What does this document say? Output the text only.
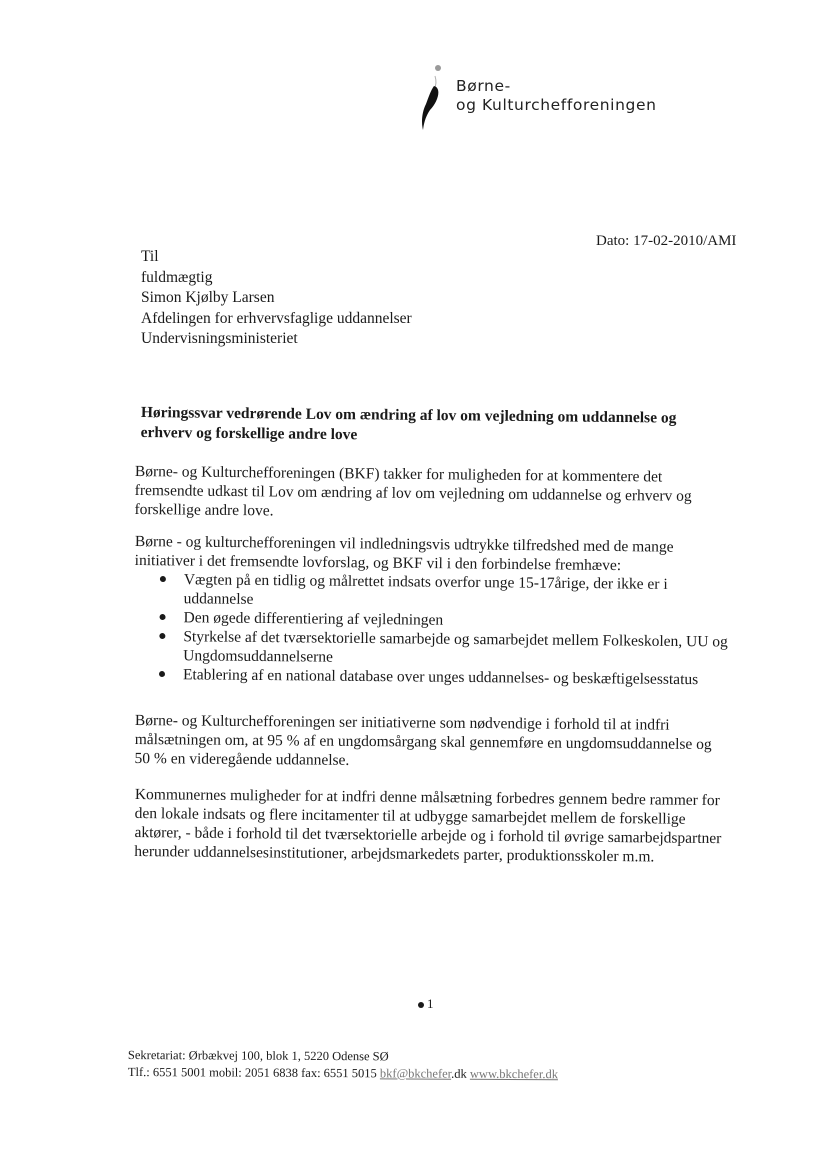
Børne-
og Kulturchefforeningen
Dato: 17-02-2010/AMI
Til
fuldmægtig
Simon Kjølby Larsen
Afdelingen for erhvervsfaglige uddannelser
Undervisningsministeriet
Høringssvar vedrørende Lov om ændring af lov om vejledning om uddannelse og erhverv og forskellige andre love
Børne- og Kulturchefforeningen (BKF) takker for muligheden for at kommentere det fremsendte udkast til Lov om ændring af lov om vejledning om uddannelse og erhverv og forskellige andre love.
Børne - og kulturchefforeningen vil indledningsvis udtrykke tilfredshed med de mange initiativer i det fremsendte lovforslag, og BKF vil i den forbindelse fremhæve:
Vægten på en tidlig og målrettet indsats overfor unge 15-17årige, der ikke er i uddannelse
Den øgede differentiering af vejledningen
Styrkelse af det tværsektorielle samarbejde og samarbejdet mellem Folkeskolen, UU og Ungdomsuddannelserne
Etablering af en national database over unges uddannelses- og beskæftigelsesstatus
Børne- og Kulturchefforeningen ser initiativerne som nødvendige i forhold til at indfri målsætningen om, at 95 % af en ungdomsårgang skal gennemføre en ungdomsuddannelse og 50 % en videregående uddannelse.
Kommunernes muligheder for at indfri denne målsætning forbedres gennem bedre rammer for den lokale indsats og flere incitamenter til at udbygge samarbejdet mellem de forskellige aktører, - både i forhold til det tværsektorielle arbejde og i forhold til øvrige samarbejdspartner herunder uddannelsesinstitutioner, arbejdsmarkedets parter, produktionsskoler m.m.
1
Sekretariat: Ørbækvej 100, blok 1, 5220 Odense SØ
Tlf.: 6551 5001 mobil: 2051 6838 fax: 6551 5015 bkf@bkchefer.dk www.bkchefer.dk
